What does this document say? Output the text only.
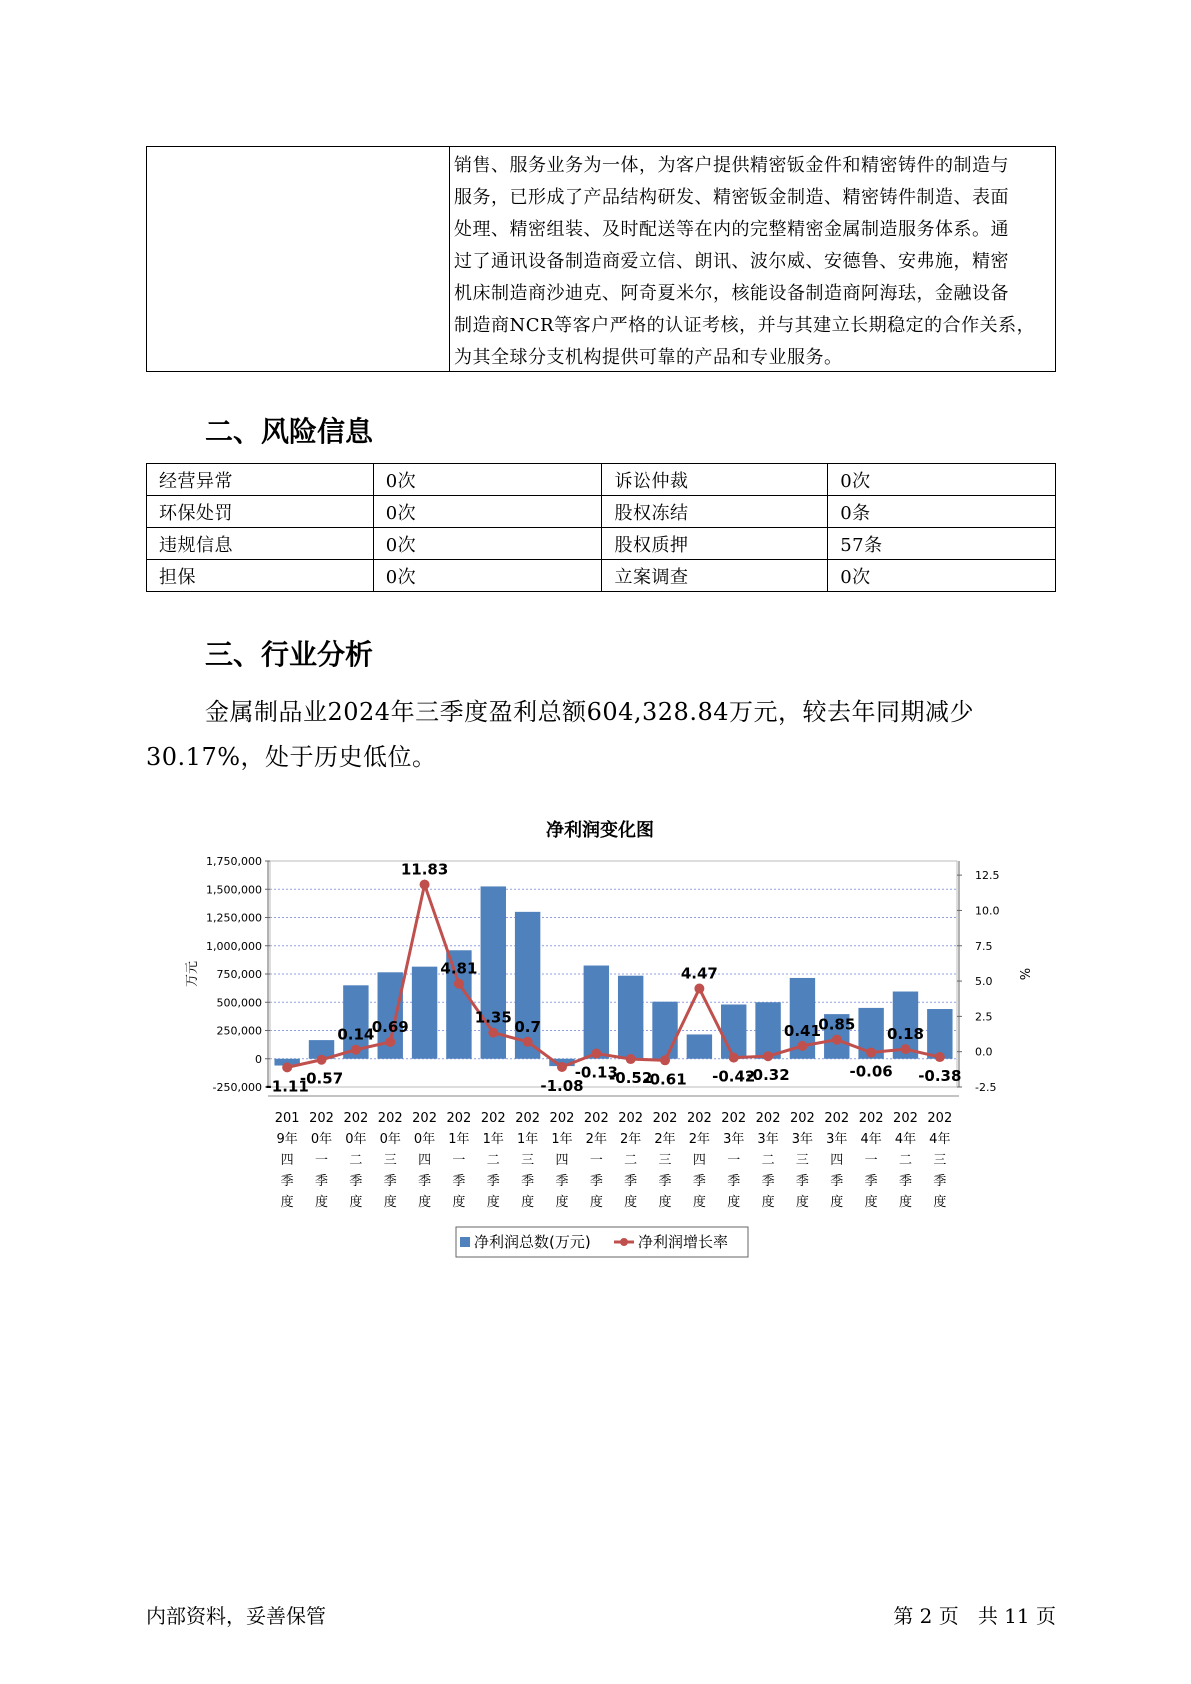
销售、服务业务为一体，为客户提供精密钣金件和精密铸件的制造与
服务，已形成了产品结构研发、精密钣金制造、精密铸件制造、表面
处理、精密组装、及时配送等在内的完整精密金属制造服务体系。通
过了通讯设备制造商爱立信、朗讯、波尔威、安德鲁、安弗施，精密
机床制造商沙迪克、阿奇夏米尔，核能设备制造商阿海珐，金融设备
制造商NCR等客户严格的认证考核，并与其建立长期稳定的合作关系，
为其全球分支机构提供可靠的产品和专业服务。
二、风险信息
经营异常	0次	诉讼仲裁	0次
环保处罚	0次	股权冻结	0条
违规信息	0次	股权质押	57条
担保	0次	立案调查	0次
三、行业分析
金属制品业2024年三季度盈利总额604,328.84万元，较去年同期减少
30.17%，处于历史低位。
净利润变化图
-250,000
0
250,000
500,000
750,000
1,000,000
1,250,000
1,500,000
1,750,000
-2.5
0.0
2.5
5.0
7.5
10.0
12.5
-1.11
-0.57
0.14
0.69
11.83
4.81
1.35
0.7
-1.08
-0.13
-0.52
-0.61
4.47
-0.42
-0.32
0.41
0.85
-0.06
0.18
-0.38
201
9年
四
季
度
202
0年
一
季
度
202
0年
二
季
度
202
0年
三
季
度
202
0年
四
季
度
202
1年
一
季
度
202
1年
二
季
度
202
1年
三
季
度
202
1年
四
季
度
202
2年
一
季
度
202
2年
二
季
度
202
2年
三
季
度
202
2年
四
季
度
202
3年
一
季
度
202
3年
二
季
度
202
3年
三
季
度
202
3年
四
季
度
202
4年
一
季
度
202
4年
二
季
度
202
4年
三
季
度
万元	%
净利润总数(万元)	净利润增长率
内部资料，妥善保管	第 2 页   共 11 页
